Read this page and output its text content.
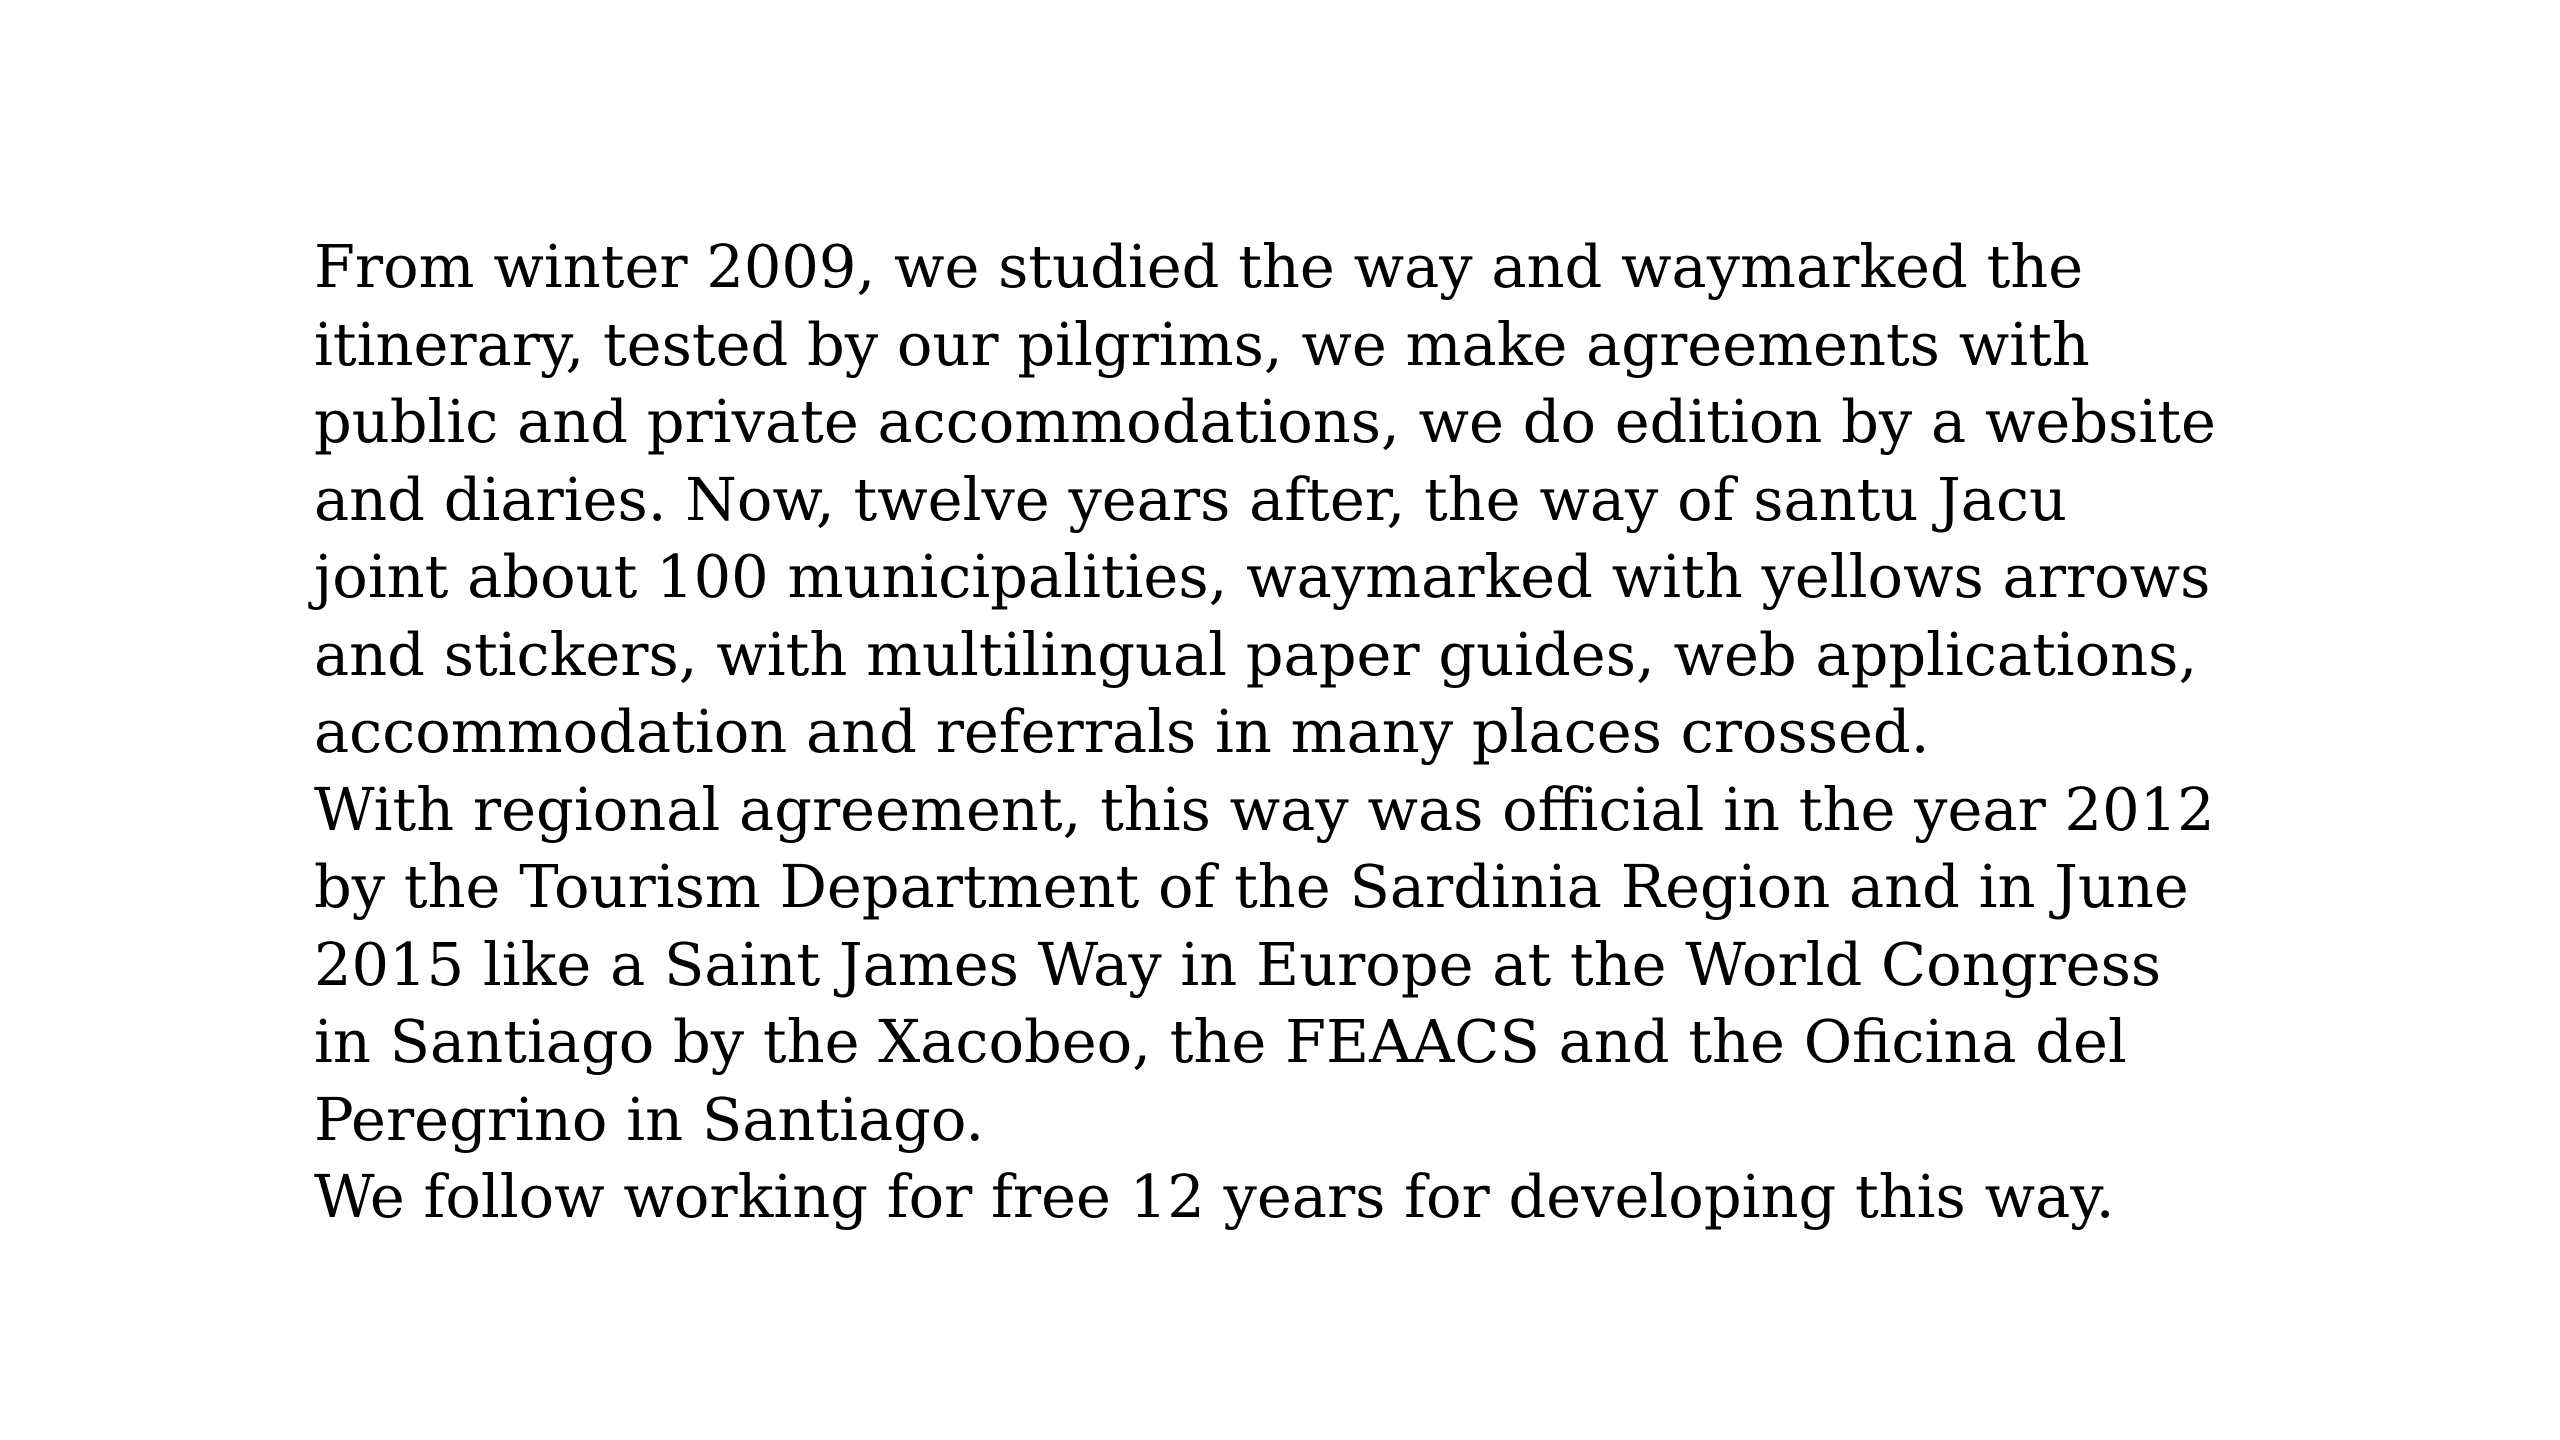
From winter 2009, we studied the way and waymarked the
itinerary, tested by our pilgrims, we make agreements with
public and private accommodations, we do edition by a website
and diaries. Now, twelve years after, the way of santu Jacu
joint about 100 municipalities, waymarked with yellows arrows
and stickers, with multilingual paper guides, web applications,
accommodation and referrals in many places crossed.
With regional agreement, this way was official in the year 2012
by the Tourism Department of the Sardinia Region and in June
2015 like a Saint James Way in Europe at the World Congress
in Santiago by the Xacobeo, the FEAACS and the Oficina del
Peregrino in Santiago.
We follow working for free 12 years for developing this way.
